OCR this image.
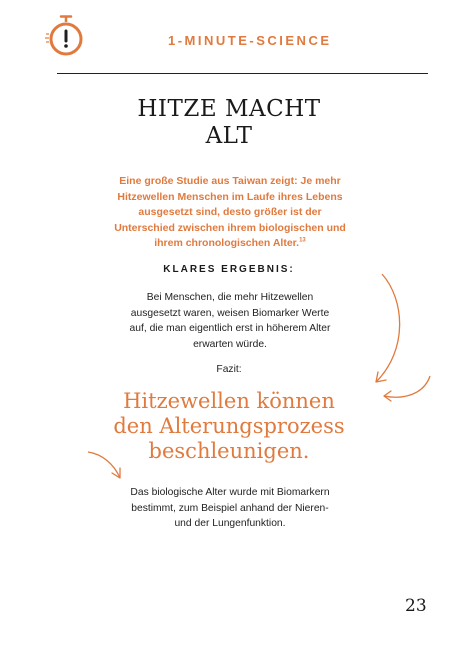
1-MINUTE-SCIENCE
HITZE MACHT
ALT
Eine große Studie aus Taiwan zeigt: Je mehr Hitzewellen Menschen im Laufe ihres Lebens ausgesetzt sind, desto größer ist der Unterschied zwischen ihrem biologischen und ihrem chronologischen Alter.$^{13}$
KLARES ERGEBNIS:
Bei Menschen, die mehr Hitzewellen ausgesetzt waren, weisen Biomarker Werte auf, die man eigentlich erst in höherem Alter erwarten würde.
Fazit:
Hitzewellen können
den Alterungsprozess
beschleunigen.
Das biologische Alter wurde mit Biomarkern bestimmt, zum Beispiel anhand der Nieren- und der Lungenfunktion.
23
